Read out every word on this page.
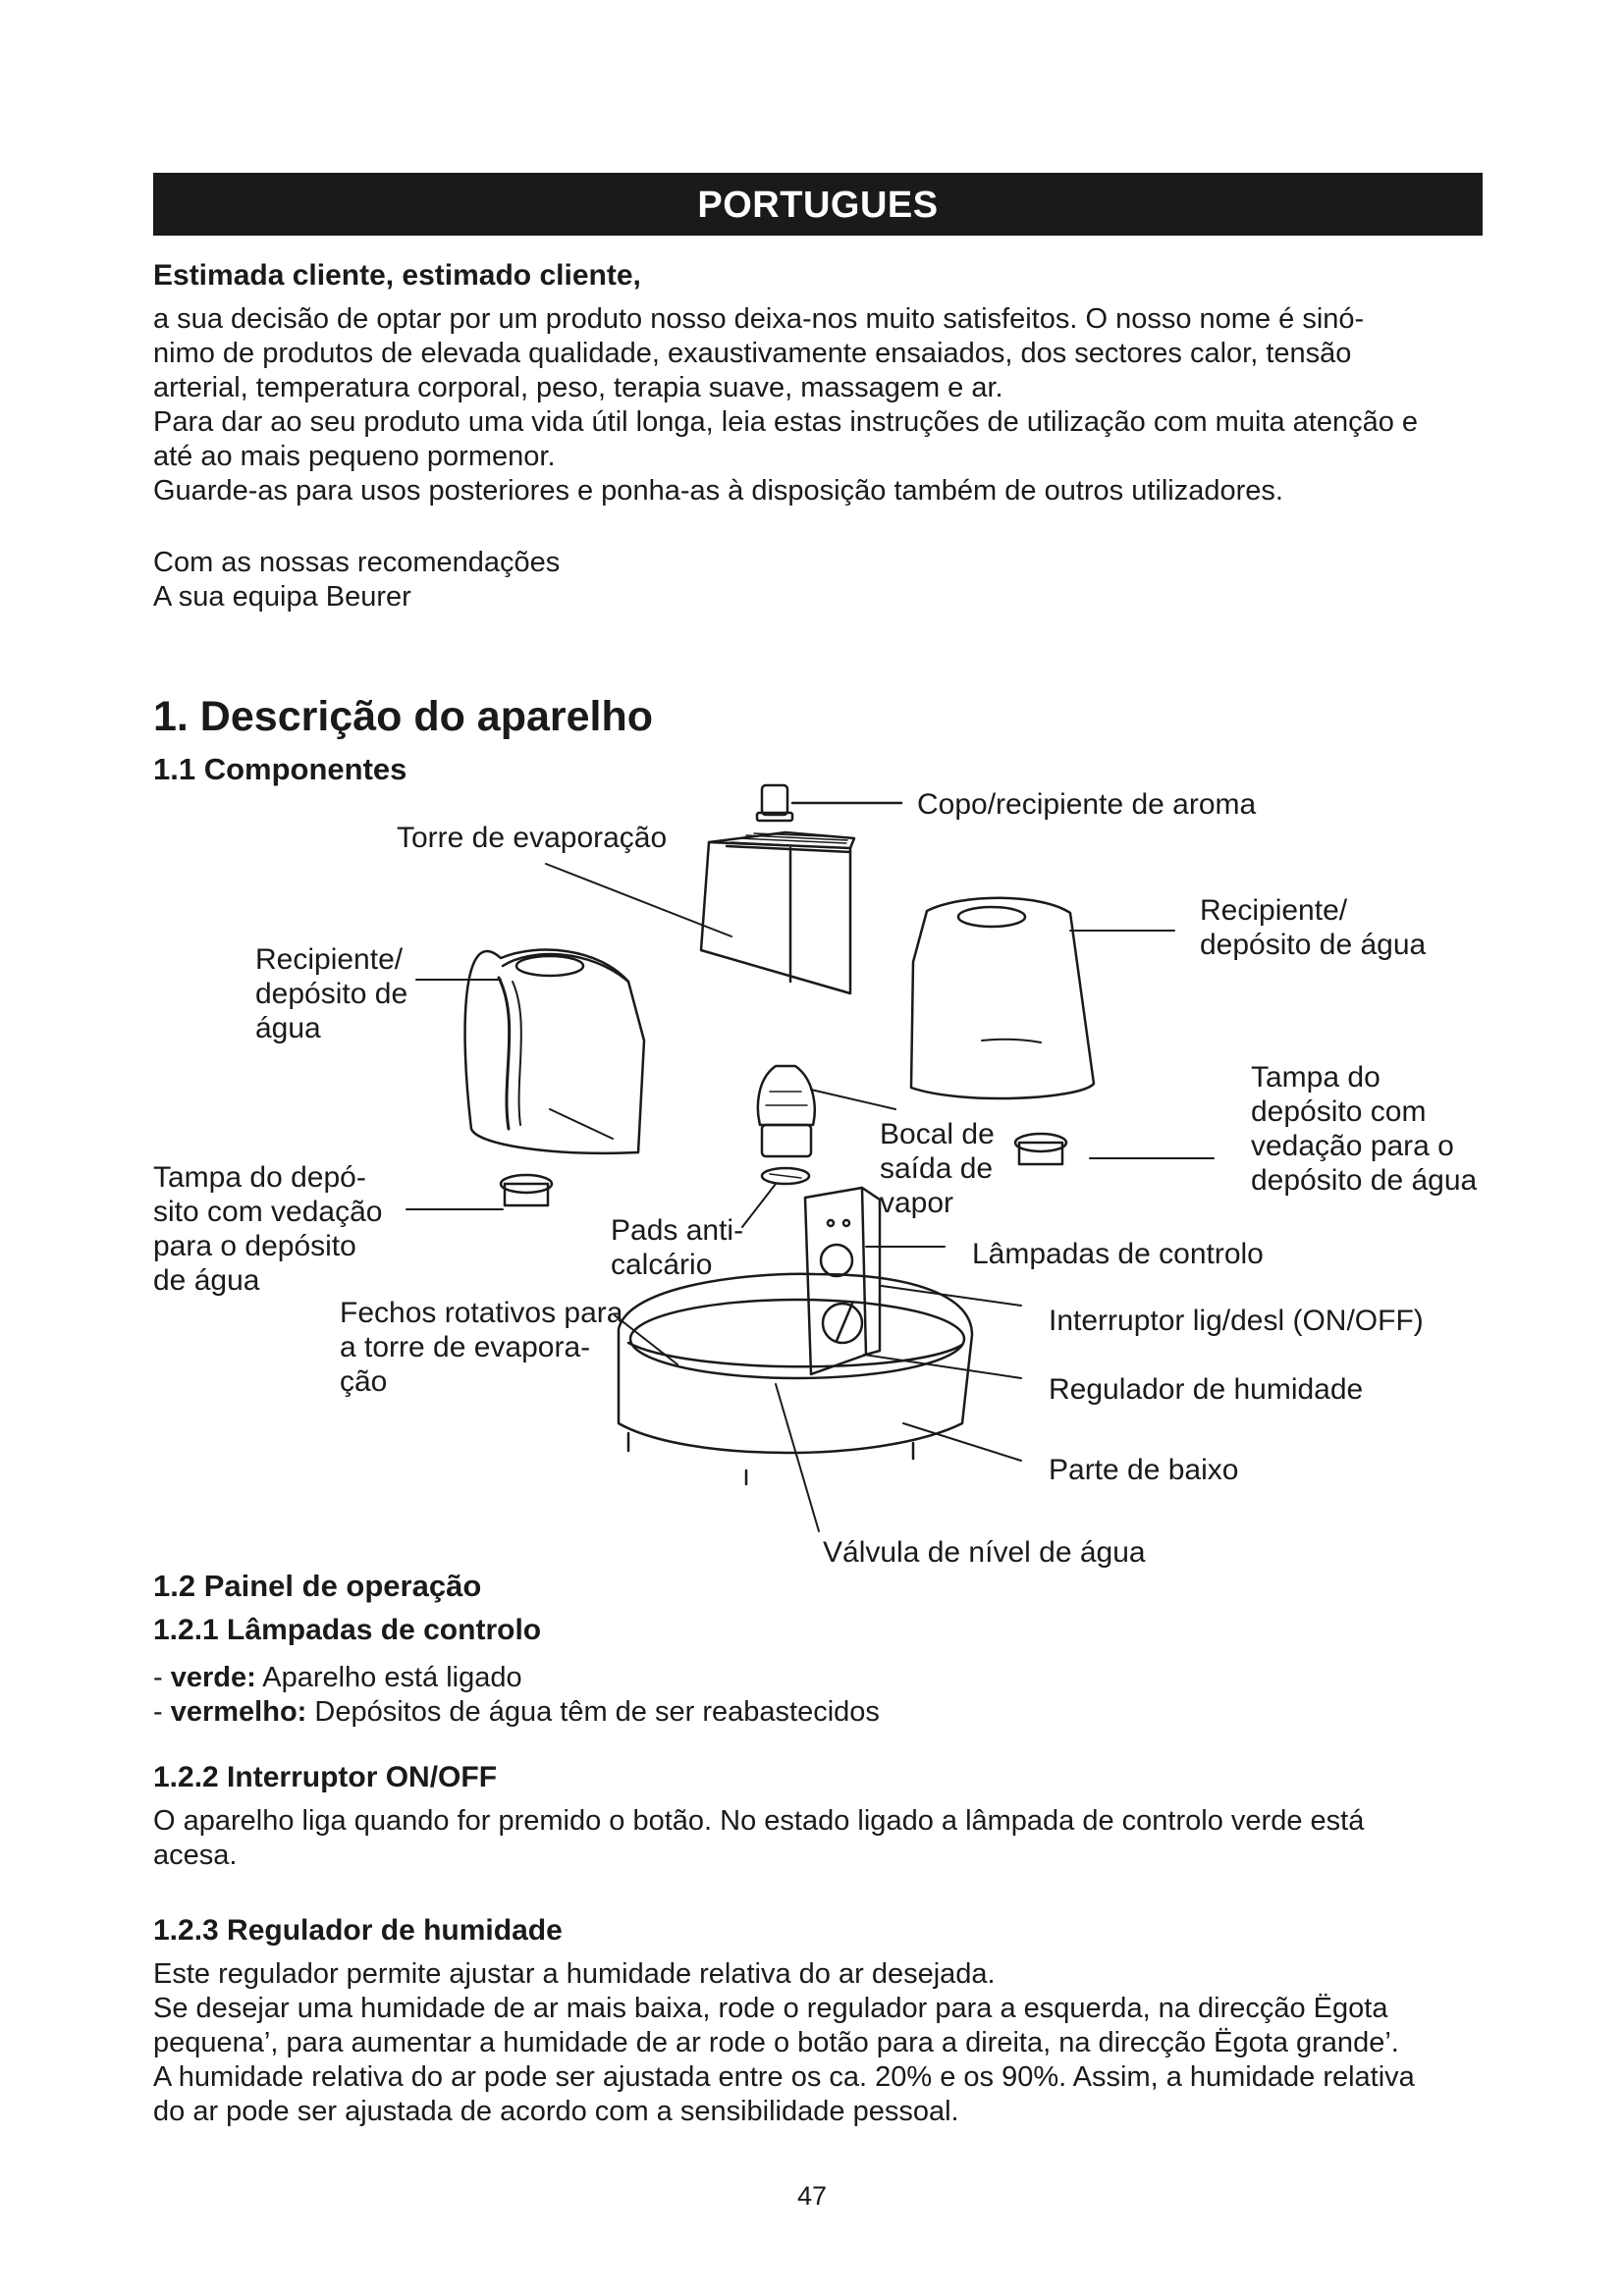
PORTUGUES
Estimada cliente, estimado cliente,

a sua decisão de optar por um produto nosso deixa-nos muito satisfeitos. O nosso nome é sinó-

nimo de produtos de elevada qualidade, exaustivamente ensaiados, dos sectores calor, tensão

arterial, temperatura corporal, peso, terapia suave, massagem e ar.

Para dar ao seu produto uma vida útil longa, leia estas instruções de utilização com muita atenção e

até ao mais pequeno pormenor.

Guarde-as para usos posteriores e ponha-as à disposição também de outros utilizadores.

Com as nossas recomendações

A sua equipa Beurer

1. Descrição do aparelho
1.1 Componentes
Torre de evaporação
Copo/recipiente de aroma
Recipiente/
depósito de
água
Recipiente/
depósito de água
Tampa do
depósito com
vedação para o
depósito de água
Tampa do depó-
sito com vedação
para o depósito
de água
Bocal de
saída de
vapor
Pads anti-
calcário	Lâmpadas de controlo
Fechos rotativos para
a torre de evapora-
ção
Interruptor lig/desl (ON/OFF)
Regulador de humidade
Parte de baixo
Válvula de nível de água
1.2 Painel de operação
1.2.1 Lâmpadas de controlo
- verde: Aparelho está ligado
- vermelho: Depósitos de água têm de ser reabastecidos
1.2.2 Interruptor ON/OFF
O aparelho liga quando for premido o botão. No estado ligado a lâmpada de controlo verde está
acesa.
1.2.3 Regulador de humidade
Este regulador permite ajustar a humidade relativa do ar desejada.
Se desejar uma humidade de ar mais baixa, rode o regulador para a esquerda, na direcção Ëgota
pequena’, para aumentar a humidade de ar rode o botão para a direita, na direcção Ëgota grande’.
A humidade relativa do ar pode ser ajustada entre os ca. 20% e os 90%. Assim, a humidade relativa
do ar pode ser ajustada de acordo com a sensibilidade pessoal.
47
